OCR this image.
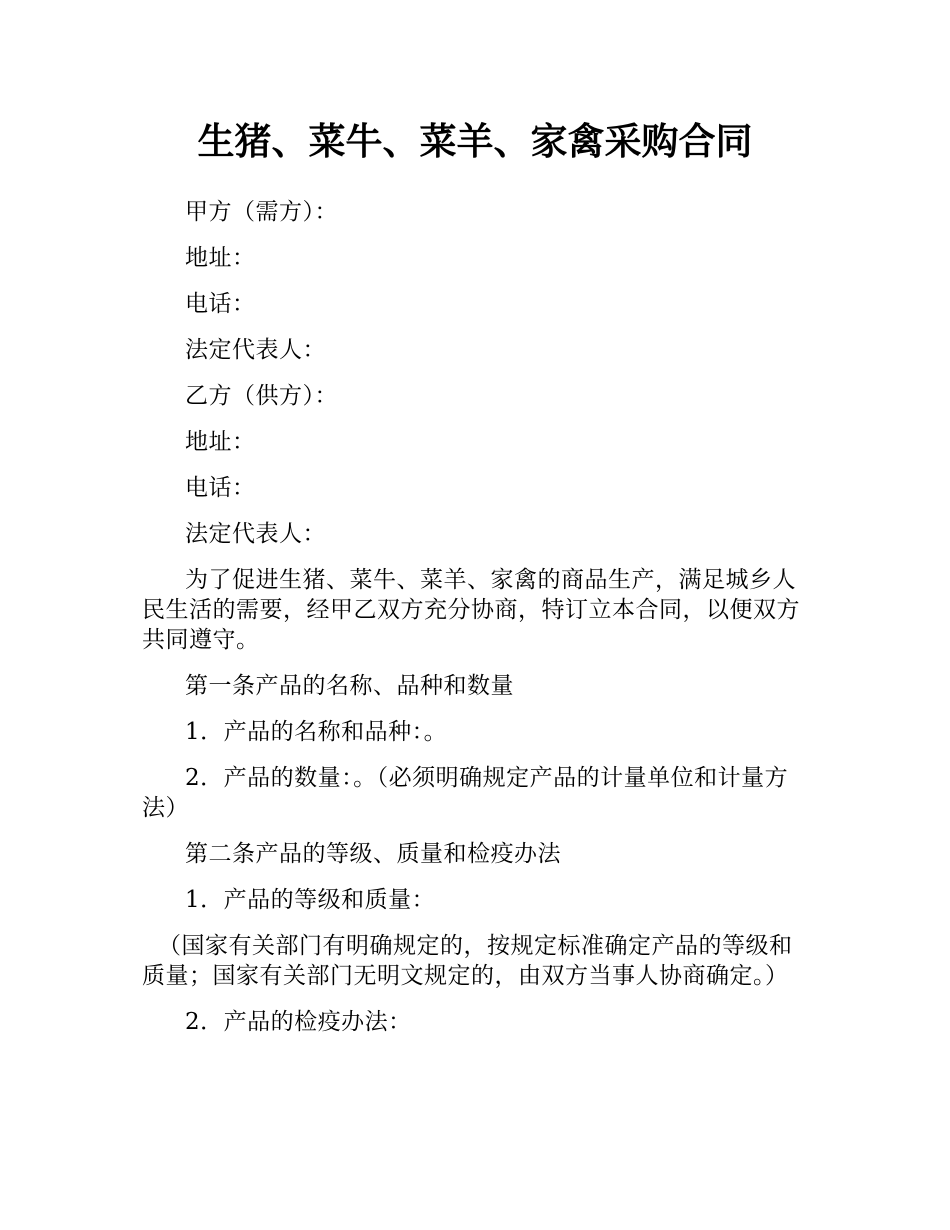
生猪、菜牛、菜羊、家禽采购合同

甲方（需方）：

地址：

电话：

法定代表人：

乙方（供方）：

地址：

电话：

法定代表人：

为了促进生猪、菜牛、菜羊、家禽的商品生产，满足城乡人民生活的需要，经甲乙双方充分协商，特订立本合同，以便双方共同遵守。

第一条产品的名称、品种和数量

1．产品的名称和品种：。

2．产品的数量：。（必须明确规定产品的计量单位和计量方法）

第二条产品的等级、质量和检疫办法

1．产品的等级和质量：

（国家有关部门有明确规定的，按规定标准确定产品的等级和质量；国家有关部门无明文规定的，由双方当事人协商确定。）

2．产品的检疫办法：
